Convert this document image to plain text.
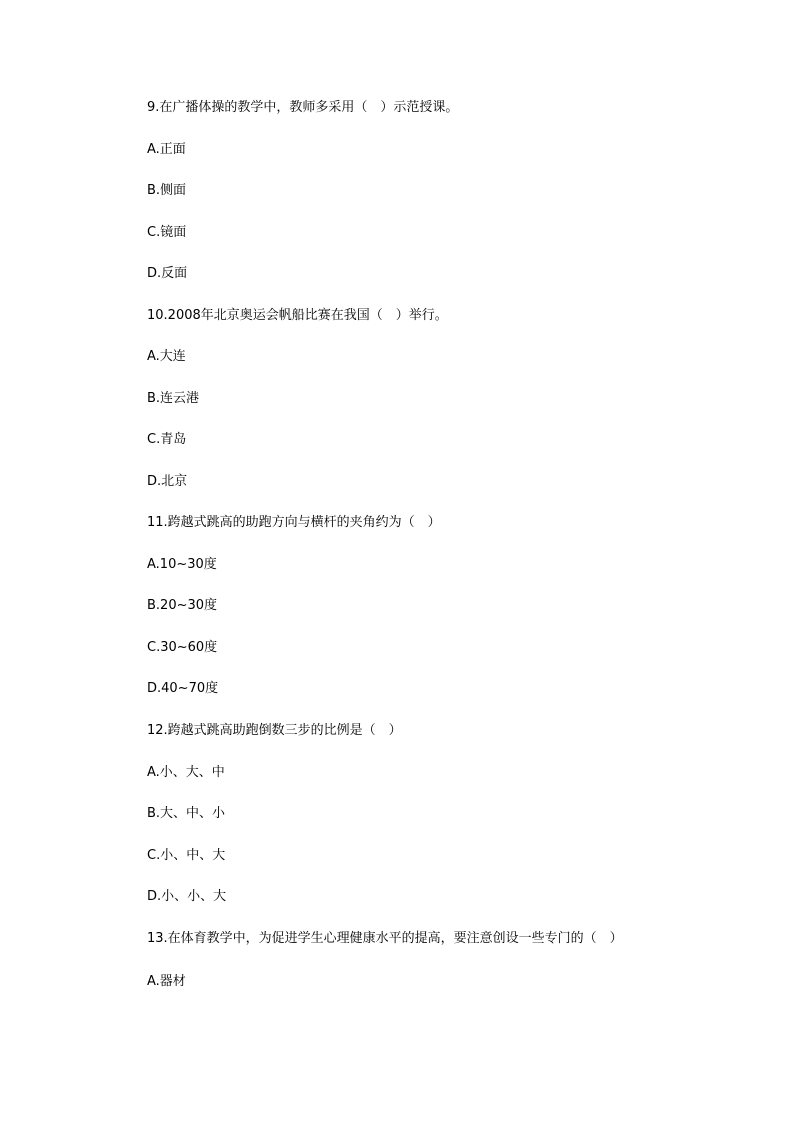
9.在广播体操的教学中，教师多采用（　）示范授课。
A.正面
B.侧面
C.镜面
D.反面
10.2008年北京奥运会帆船比赛在我国（　）举行。
A.大连
B.连云港
C.青岛
D.北京
11.跨越式跳高的助跑方向与横杆的夹角约为（　）
A.10~30度
B.20~30度
C.30~60度
D.40~70度
12.跨越式跳高助跑倒数三步的比例是（　）
A.小、大、中
B.大、中、小
C.小、中、大
D.小、小、大
13.在体育教学中，为促进学生心理健康水平的提高，要注意创设一些专门的（　）
A.器材
